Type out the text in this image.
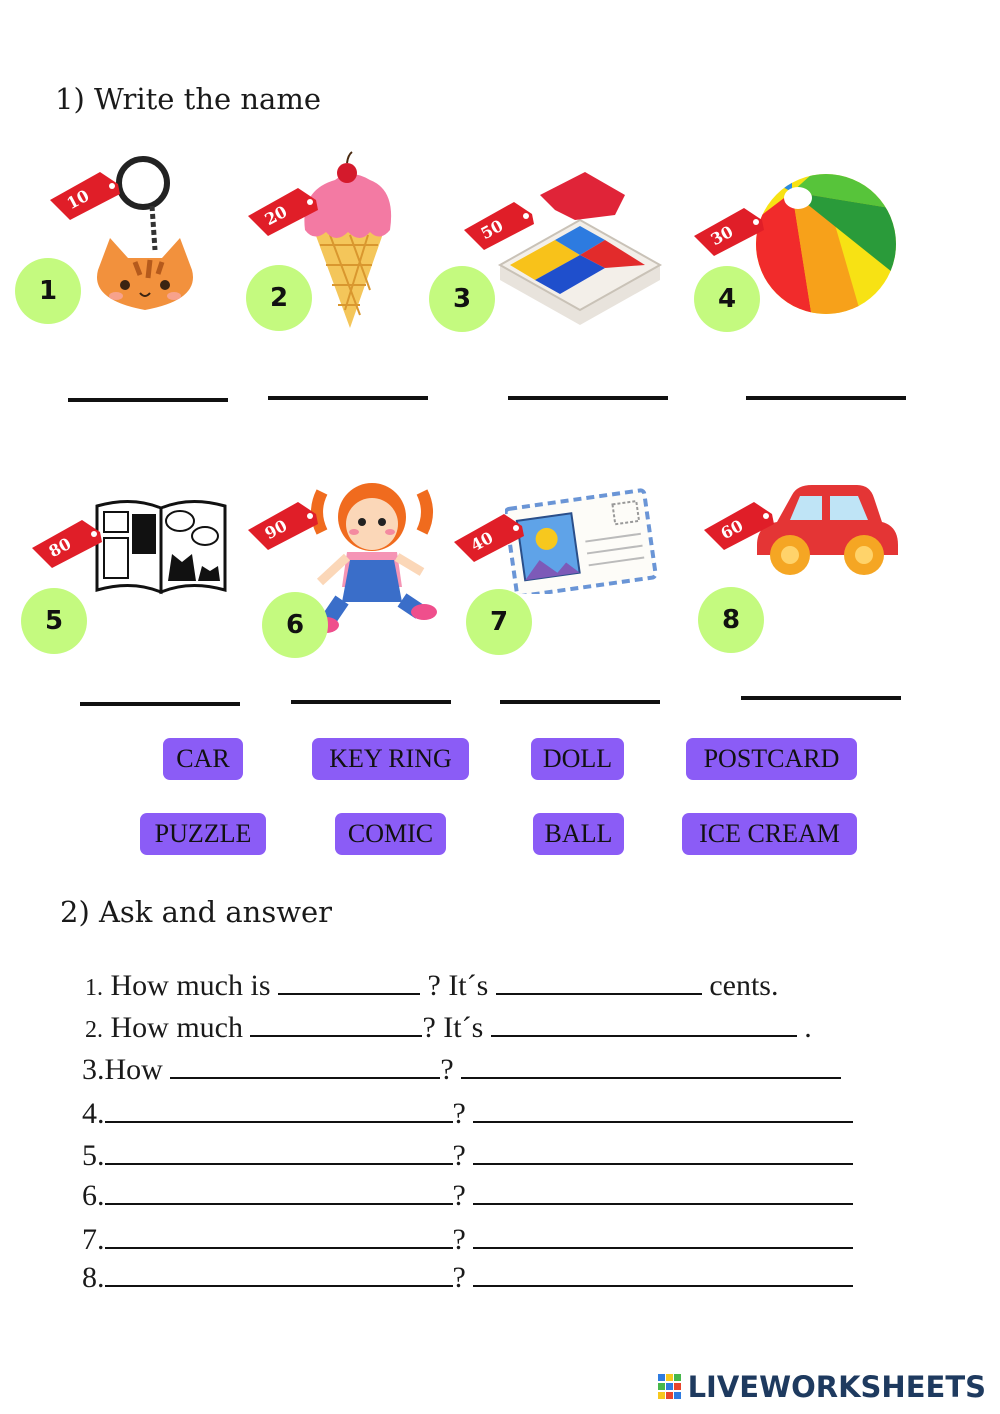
1) Write the name
10
1
20
2
50
3
30
4
80
5
90
6
40
7
60
8
CAR	KEY RING	DOLL	POSTCARD
PUZZLE	COMIC	BALL	ICE CREAM
2) Ask and answer
1. How much is	? It´s	cents.
2. How much	? It´s	.
3.How	?
4.	?
5.	?
6.	?
7.	?
8.	?
LIVEWORKSHEETS
